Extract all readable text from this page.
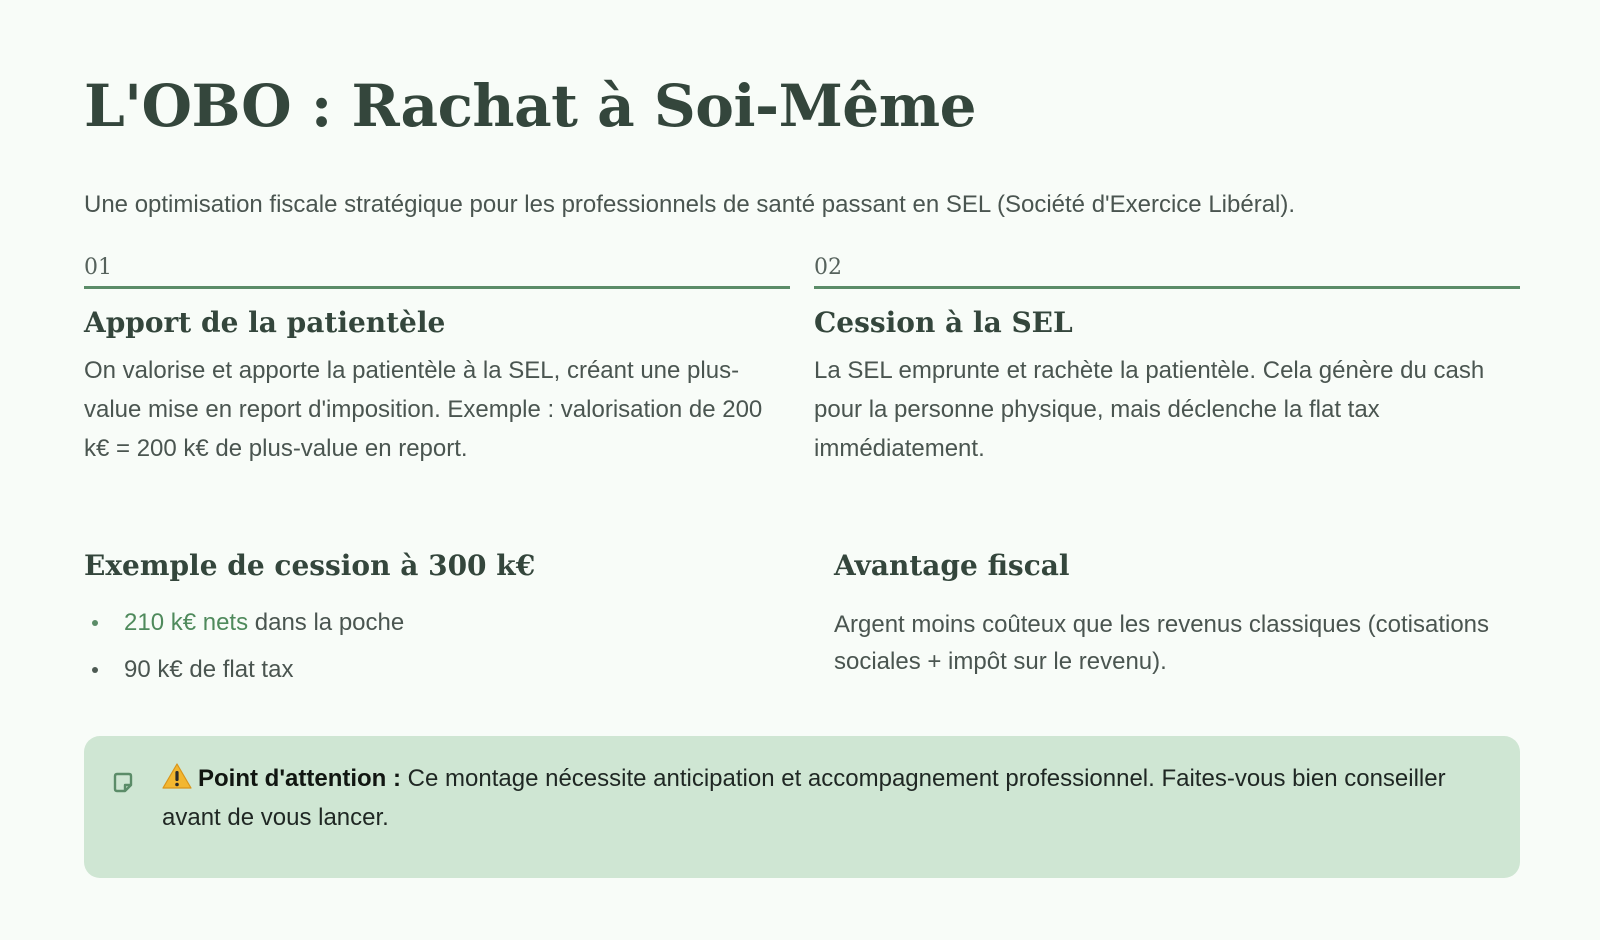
L'OBO : Rachat à Soi-Même

Une optimisation fiscale stratégique pour les professionnels de santé passant en SEL (Société d'Exercice Libéral).

01
Apport de la patientèle

On valorise et apporte la patientèle à la SEL, créant une plus-value mise en report d'imposition. Exemple : valorisation de 200 k€ = 200 k€ de plus-value en report.

02
Cession à la SEL

La SEL emprunte et rachète la patientèle. Cela génère du cash pour la personne physique, mais déclenche la flat tax immédiatement.

Exemple de cession à 300 k€
210 k€ nets dans la poche
90 k€ de flat tax
Avantage fiscal

Argent moins coûteux que les revenus classiques (cotisations sociales + impôt sur le revenu).

Point d'attention : Ce montage nécessite anticipation et accompagnement professionnel. Faites-vous bien conseiller avant de vous lancer.
